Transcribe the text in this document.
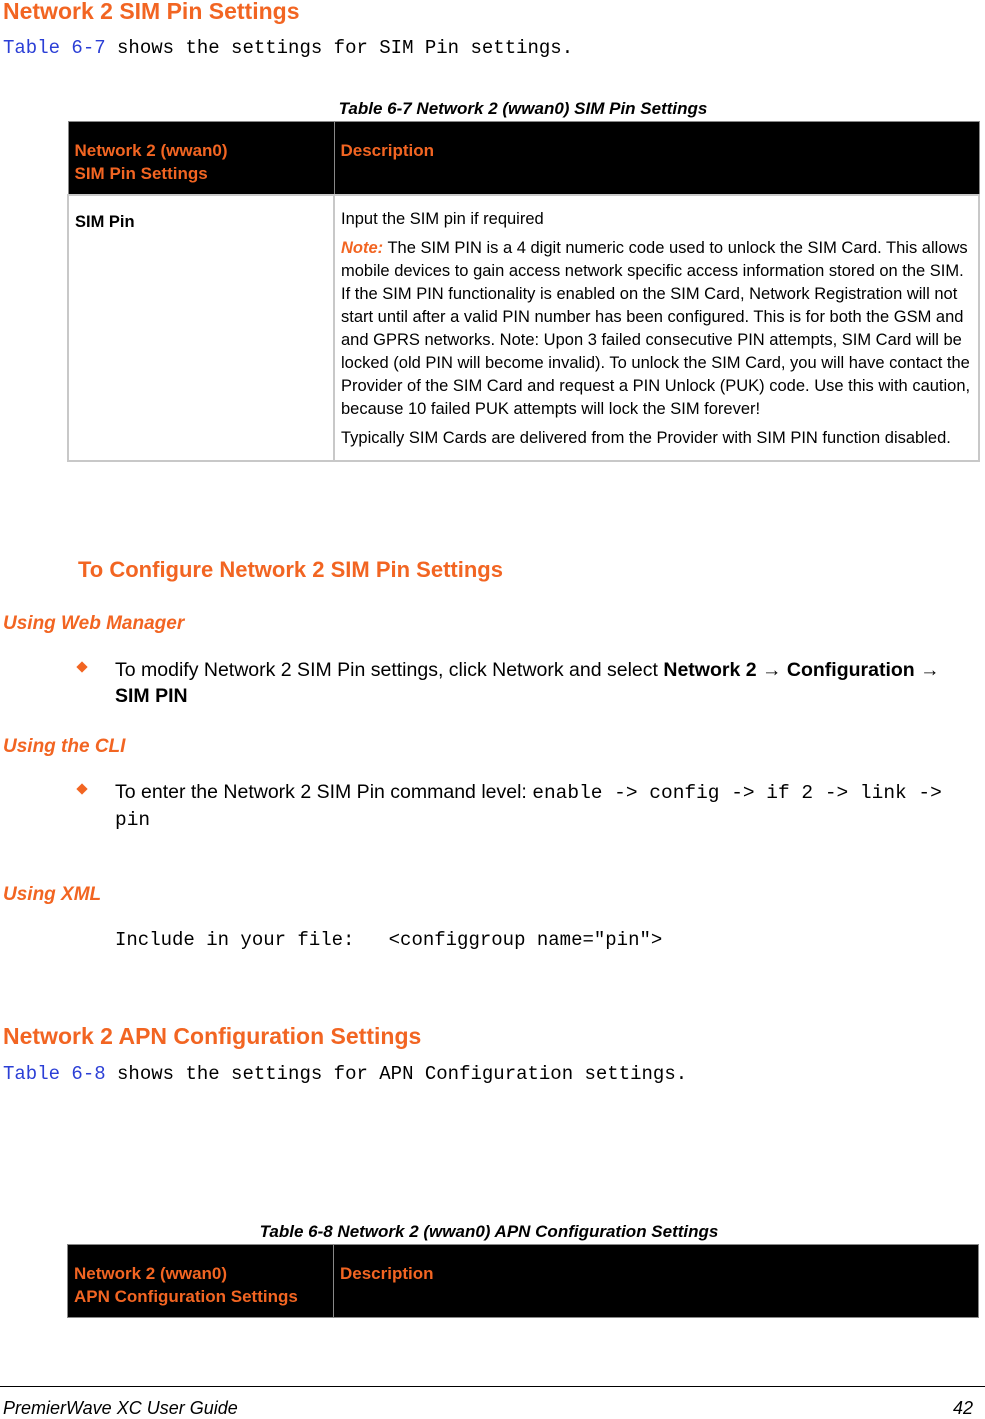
Network 2 SIM Pin Settings
Table 6-7 shows the settings for SIM Pin settings.
Table 6-7 Network 2 (wwan0) SIM Pin Settings
Network 2 (wwan0)
SIM Pin Settings	Description
SIM Pin	Input the SIM pin if required

Note: The SIM PIN is a 4 digit numeric code used to unlock the SIM Card. This allows mobile devices to gain access network specific access information stored on the SIM. If the SIM PIN functionality is enabled on the SIM Card, Network Registration will not start until after a valid PIN number has been configured. This is for both the GSM and and GPRS networks. Note: Upon 3 failed consecutive PIN attempts, SIM Card will be locked (old PIN will become invalid). To unlock the SIM Card, you will have contact the Provider of the SIM Card and request a PIN Unlock (PUK) code. Use this with caution, because 10 failed PUK attempts will lock the SIM forever!

Typically SIM Cards are delivered from the Provider with SIM PIN function disabled.

To Configure Network 2 SIM Pin Settings
Using Web Manager
To modify Network 2 SIM Pin settings, click Network and select Network 2 → Configuration → SIM PIN
Using the CLI
To enter the Network 2 SIM Pin command level: enable -> config -> if 2 -> link -> pin
Using XML
Include in your file:   <configgroup name="pin">
Network 2 APN Configuration Settings
Table 6-8 shows the settings for APN Configuration settings.
Table 6-8 Network 2 (wwan0) APN Configuration Settings
Network 2 (wwan0)
APN Configuration Settings	Description
PremierWave XC User Guide	42
